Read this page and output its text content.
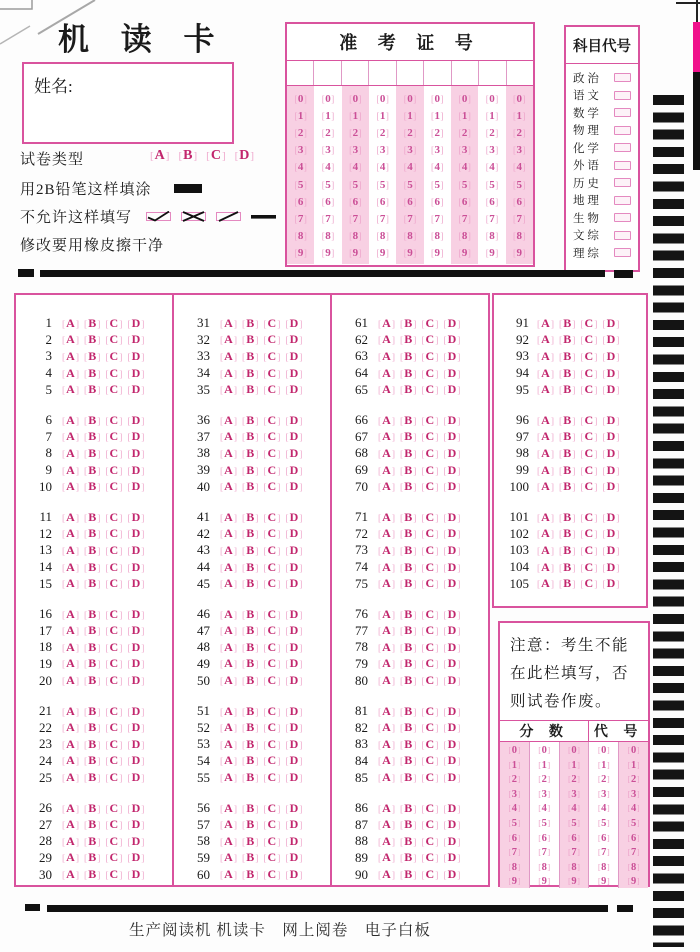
机 读 卡
姓名:
试卷类型	[ A ] [ B ] [ C ] [ D ]
用2B铅笔这样填涂
不允许这样填写
修改要用橡皮擦干净
准 考 证 号
[0]
[1]
[2]
[3]
[4]
[5]
[6]
[7]
[8]
[9]
[0]
[1]
[2]
[3]
[4]
[5]
[6]
[7]
[8]
[9]
[0]
[1]
[2]
[3]
[4]
[5]
[6]
[7]
[8]
[9]
[0]
[1]
[2]
[3]
[4]
[5]
[6]
[7]
[8]
[9]
[0]
[1]
[2]
[3]
[4]
[5]
[6]
[7]
[8]
[9]
[0]
[1]
[2]
[3]
[4]
[5]
[6]
[7]
[8]
[9]
[0]
[1]
[2]
[3]
[4]
[5]
[6]
[7]
[8]
[9]
[0]
[1]
[2]
[3]
[4]
[5]
[6]
[7]
[8]
[9]
[0]
[1]
[2]
[3]
[4]
[5]
[6]
[7]
[8]
[9]
科目代号
政 治
语 文
数 学
物 理
化 学
外 语
历 史
地 理
生 物
文 综
理 综
1 [ A ] [ B ] [ C ] [ D ]
2 [ A ] [ B ] [ C ] [ D ]
3 [ A ] [ B ] [ C ] [ D ]
4 [ A ] [ B ] [ C ] [ D ]
5 [ A ] [ B ] [ C ] [ D ]
6 [ A ] [ B ] [ C ] [ D ]
7 [ A ] [ B ] [ C ] [ D ]
8 [ A ] [ B ] [ C ] [ D ]
9 [ A ] [ B ] [ C ] [ D ]
10 [ A ] [ B ] [ C ] [ D ]
11 [ A ] [ B ] [ C ] [ D ]
12 [ A ] [ B ] [ C ] [ D ]
13 [ A ] [ B ] [ C ] [ D ]
14 [ A ] [ B ] [ C ] [ D ]
15 [ A ] [ B ] [ C ] [ D ]
16 [ A ] [ B ] [ C ] [ D ]
17 [ A ] [ B ] [ C ] [ D ]
18 [ A ] [ B ] [ C ] [ D ]
19 [ A ] [ B ] [ C ] [ D ]
20 [ A ] [ B ] [ C ] [ D ]
21 [ A ] [ B ] [ C ] [ D ]
22 [ A ] [ B ] [ C ] [ D ]
23 [ A ] [ B ] [ C ] [ D ]
24 [ A ] [ B ] [ C ] [ D ]
25 [ A ] [ B ] [ C ] [ D ]
26 [ A ] [ B ] [ C ] [ D ]
27 [ A ] [ B ] [ C ] [ D ]
28 [ A ] [ B ] [ C ] [ D ]
29 [ A ] [ B ] [ C ] [ D ]
30 [ A ] [ B ] [ C ] [ D ]
31 [ A ] [ B ] [ C ] [ D ]
32 [ A ] [ B ] [ C ] [ D ]
33 [ A ] [ B ] [ C ] [ D ]
34 [ A ] [ B ] [ C ] [ D ]
35 [ A ] [ B ] [ C ] [ D ]
36 [ A ] [ B ] [ C ] [ D ]
37 [ A ] [ B ] [ C ] [ D ]
38 [ A ] [ B ] [ C ] [ D ]
39 [ A ] [ B ] [ C ] [ D ]
40 [ A ] [ B ] [ C ] [ D ]
41 [ A ] [ B ] [ C ] [ D ]
42 [ A ] [ B ] [ C ] [ D ]
43 [ A ] [ B ] [ C ] [ D ]
44 [ A ] [ B ] [ C ] [ D ]
45 [ A ] [ B ] [ C ] [ D ]
46 [ A ] [ B ] [ C ] [ D ]
47 [ A ] [ B ] [ C ] [ D ]
48 [ A ] [ B ] [ C ] [ D ]
49 [ A ] [ B ] [ C ] [ D ]
50 [ A ] [ B ] [ C ] [ D ]
51 [ A ] [ B ] [ C ] [ D ]
52 [ A ] [ B ] [ C ] [ D ]
53 [ A ] [ B ] [ C ] [ D ]
54 [ A ] [ B ] [ C ] [ D ]
55 [ A ] [ B ] [ C ] [ D ]
56 [ A ] [ B ] [ C ] [ D ]
57 [ A ] [ B ] [ C ] [ D ]
58 [ A ] [ B ] [ C ] [ D ]
59 [ A ] [ B ] [ C ] [ D ]
60 [ A ] [ B ] [ C ] [ D ]
61 [ A ] [ B ] [ C ] [ D ]
62 [ A ] [ B ] [ C ] [ D ]
63 [ A ] [ B ] [ C ] [ D ]
64 [ A ] [ B ] [ C ] [ D ]
65 [ A ] [ B ] [ C ] [ D ]
66 [ A ] [ B ] [ C ] [ D ]
67 [ A ] [ B ] [ C ] [ D ]
68 [ A ] [ B ] [ C ] [ D ]
69 [ A ] [ B ] [ C ] [ D ]
70 [ A ] [ B ] [ C ] [ D ]
71 [ A ] [ B ] [ C ] [ D ]
72 [ A ] [ B ] [ C ] [ D ]
73 [ A ] [ B ] [ C ] [ D ]
74 [ A ] [ B ] [ C ] [ D ]
75 [ A ] [ B ] [ C ] [ D ]
76 [ A ] [ B ] [ C ] [ D ]
77 [ A ] [ B ] [ C ] [ D ]
78 [ A ] [ B ] [ C ] [ D ]
79 [ A ] [ B ] [ C ] [ D ]
80 [ A ] [ B ] [ C ] [ D ]
81 [ A ] [ B ] [ C ] [ D ]
82 [ A ] [ B ] [ C ] [ D ]
83 [ A ] [ B ] [ C ] [ D ]
84 [ A ] [ B ] [ C ] [ D ]
85 [ A ] [ B ] [ C ] [ D ]
86 [ A ] [ B ] [ C ] [ D ]
87 [ A ] [ B ] [ C ] [ D ]
88 [ A ] [ B ] [ C ] [ D ]
89 [ A ] [ B ] [ C ] [ D ]
90 [ A ] [ B ] [ C ] [ D ]
91 [ A ] [ B ] [ C ] [ D ]
92 [ A ] [ B ] [ C ] [ D ]
93 [ A ] [ B ] [ C ] [ D ]
94 [ A ] [ B ] [ C ] [ D ]
95 [ A ] [ B ] [ C ] [ D ]
96 [ A ] [ B ] [ C ] [ D ]
97 [ A ] [ B ] [ C ] [ D ]
98 [ A ] [ B ] [ C ] [ D ]
99 [ A ] [ B ] [ C ] [ D ]
100 [ A ] [ B ] [ C ] [ D ]
101 [ A ] [ B ] [ C ] [ D ]
102 [ A ] [ B ] [ C ] [ D ]
103 [ A ] [ B ] [ C ] [ D ]
104 [ A ] [ B ] [ C ] [ D ]
105 [ A ] [ B ] [ C ] [ D ]
注意：考生不能在此栏填写，否则试卷作废。
分 数	代 号
[0]
[1]
[2]
[3]
[4]
[5]
[6]
[7]
[8]
[9]
[0]
[1]
[2]
[3]
[4]
[5]
[6]
[7]
[8]
[9]
[0]
[1]
[2]
[3]
[4]
[5]
[6]
[7]
[8]
[9]
[0]
[1]
[2]
[3]
[4]
[5]
[6]
[7]
[8]
[9]
[0]
[1]
[2]
[3]
[4]
[5]
[6]
[7]
[8]
[9]
生产阅读机 机读卡　网上阅卷　电子白板
